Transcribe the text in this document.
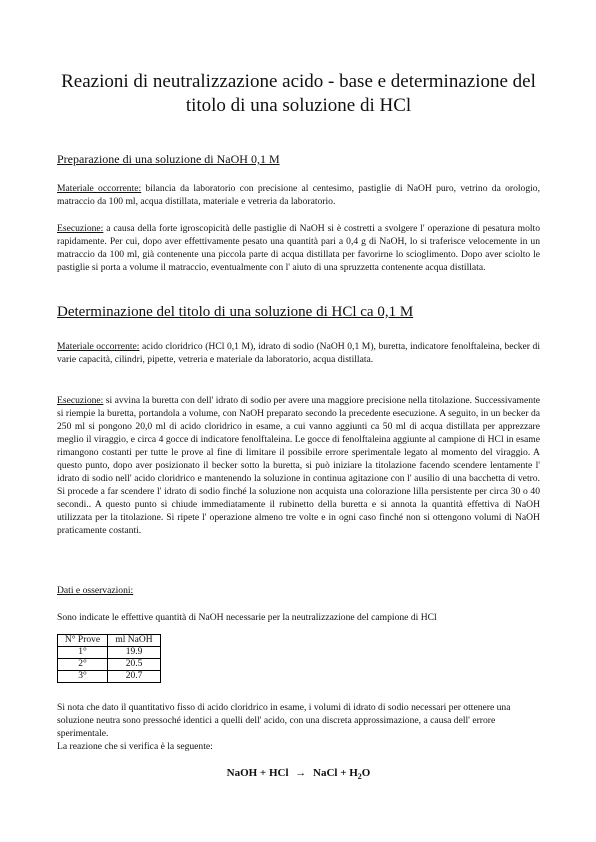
Reazioni di neutralizzazione acido - base e determinazione del titolo di una soluzione di HCl
Preparazione di una soluzione di NaOH 0,1 M
Materiale occorrente: bilancia da laboratorio con precisione al centesimo, pastiglie di NaOH puro, vetrino da orologio, matraccio da 100 ml, acqua distillata, materiale e vetreria da laboratorio.
Esecuzione: a causa della forte igroscopicità delle pastiglie di NaOH si è costretti a svolgere l' operazione di pesatura molto rapidamente. Per cui, dopo aver effettivamente pesato una quantità pari a 0,4 g di NaOH, lo si traferisce velocemente in un matraccio da 100 ml, già contenente una piccola parte di acqua distillata per favorirne lo scioglimento. Dopo aver sciolto le pastiglie si porta a volume il matraccio, eventualmente con l' aiuto di una spruzzetta contenente acqua distillata.
Determinazione del titolo di una soluzione di HCl ca 0,1 M
Materiale occorrente: acido cloridrico (HCl 0,1 M), idrato di sodio (NaOH 0,1 M), buretta, indicatore fenolftaleina, becker di varie capacità, cilindri, pipette, vetreria e materiale da laboratorio, acqua distillata.
Esecuzione: si avvina la buretta con dell' idrato di sodio per avere una maggiore precisione nella titolazione. Successivamente si riempie la buretta, portandola a volume, con NaOH preparato secondo la precedente esecuzione. A seguito, in un becker da 250 ml si pongono 20,0 ml di acido cloridrico in esame, a cui vanno aggiunti ca 50 ml di acqua distillata per apprezzare meglio il viraggio, e circa 4 gocce di indicatore fenolftaleina. Le gocce di fenolftaleina aggiunte al campione di HCl in esame rimangono costanti per tutte le prove al fine di limitare il possibile errore sperimentale legato al momento del viraggio. A questo punto, dopo aver posizionato il becker sotto la buretta, si può iniziare la titolazione facendo scendere lentamente l' idrato di sodio nell' acido cloridrico e mantenendo la soluzione in continua agitazione con l' ausilio di una bacchetta di vetro. Si procede a far scendere l' idrato di sodio finché la soluzione non acquista una colorazione lilla persistente per circa 30 o 40 secondi.. A questo punto si chiude immediatamente il rubinetto della buretta e si annota la quantità effettiva di NaOH utilizzata per la titolazione. Si ripete l' operazione almeno tre volte e in ogni caso finché non si ottengono volumi di NaOH praticamente costanti.
Dati e osservazioni:
Sono indicate le effettive quantità di NaOH necessarie per la neutralizzazione del campione di HCl
N° Prove	ml NaOH
1°	19.9
2°	20.5
3°	20.7
Si nota che dato il quantitativo fisso di acido cloridrico in esame, i volumi di idrato di sodio necessari per ottenere una soluzione neutra sono pressoché identici a quelli dell' acido, con una discreta approssimazione, a causa dell' errore sperimentale.
La reazione che si verifica è la seguente:
NaOH + HCl → NaCl + $H_2O$
